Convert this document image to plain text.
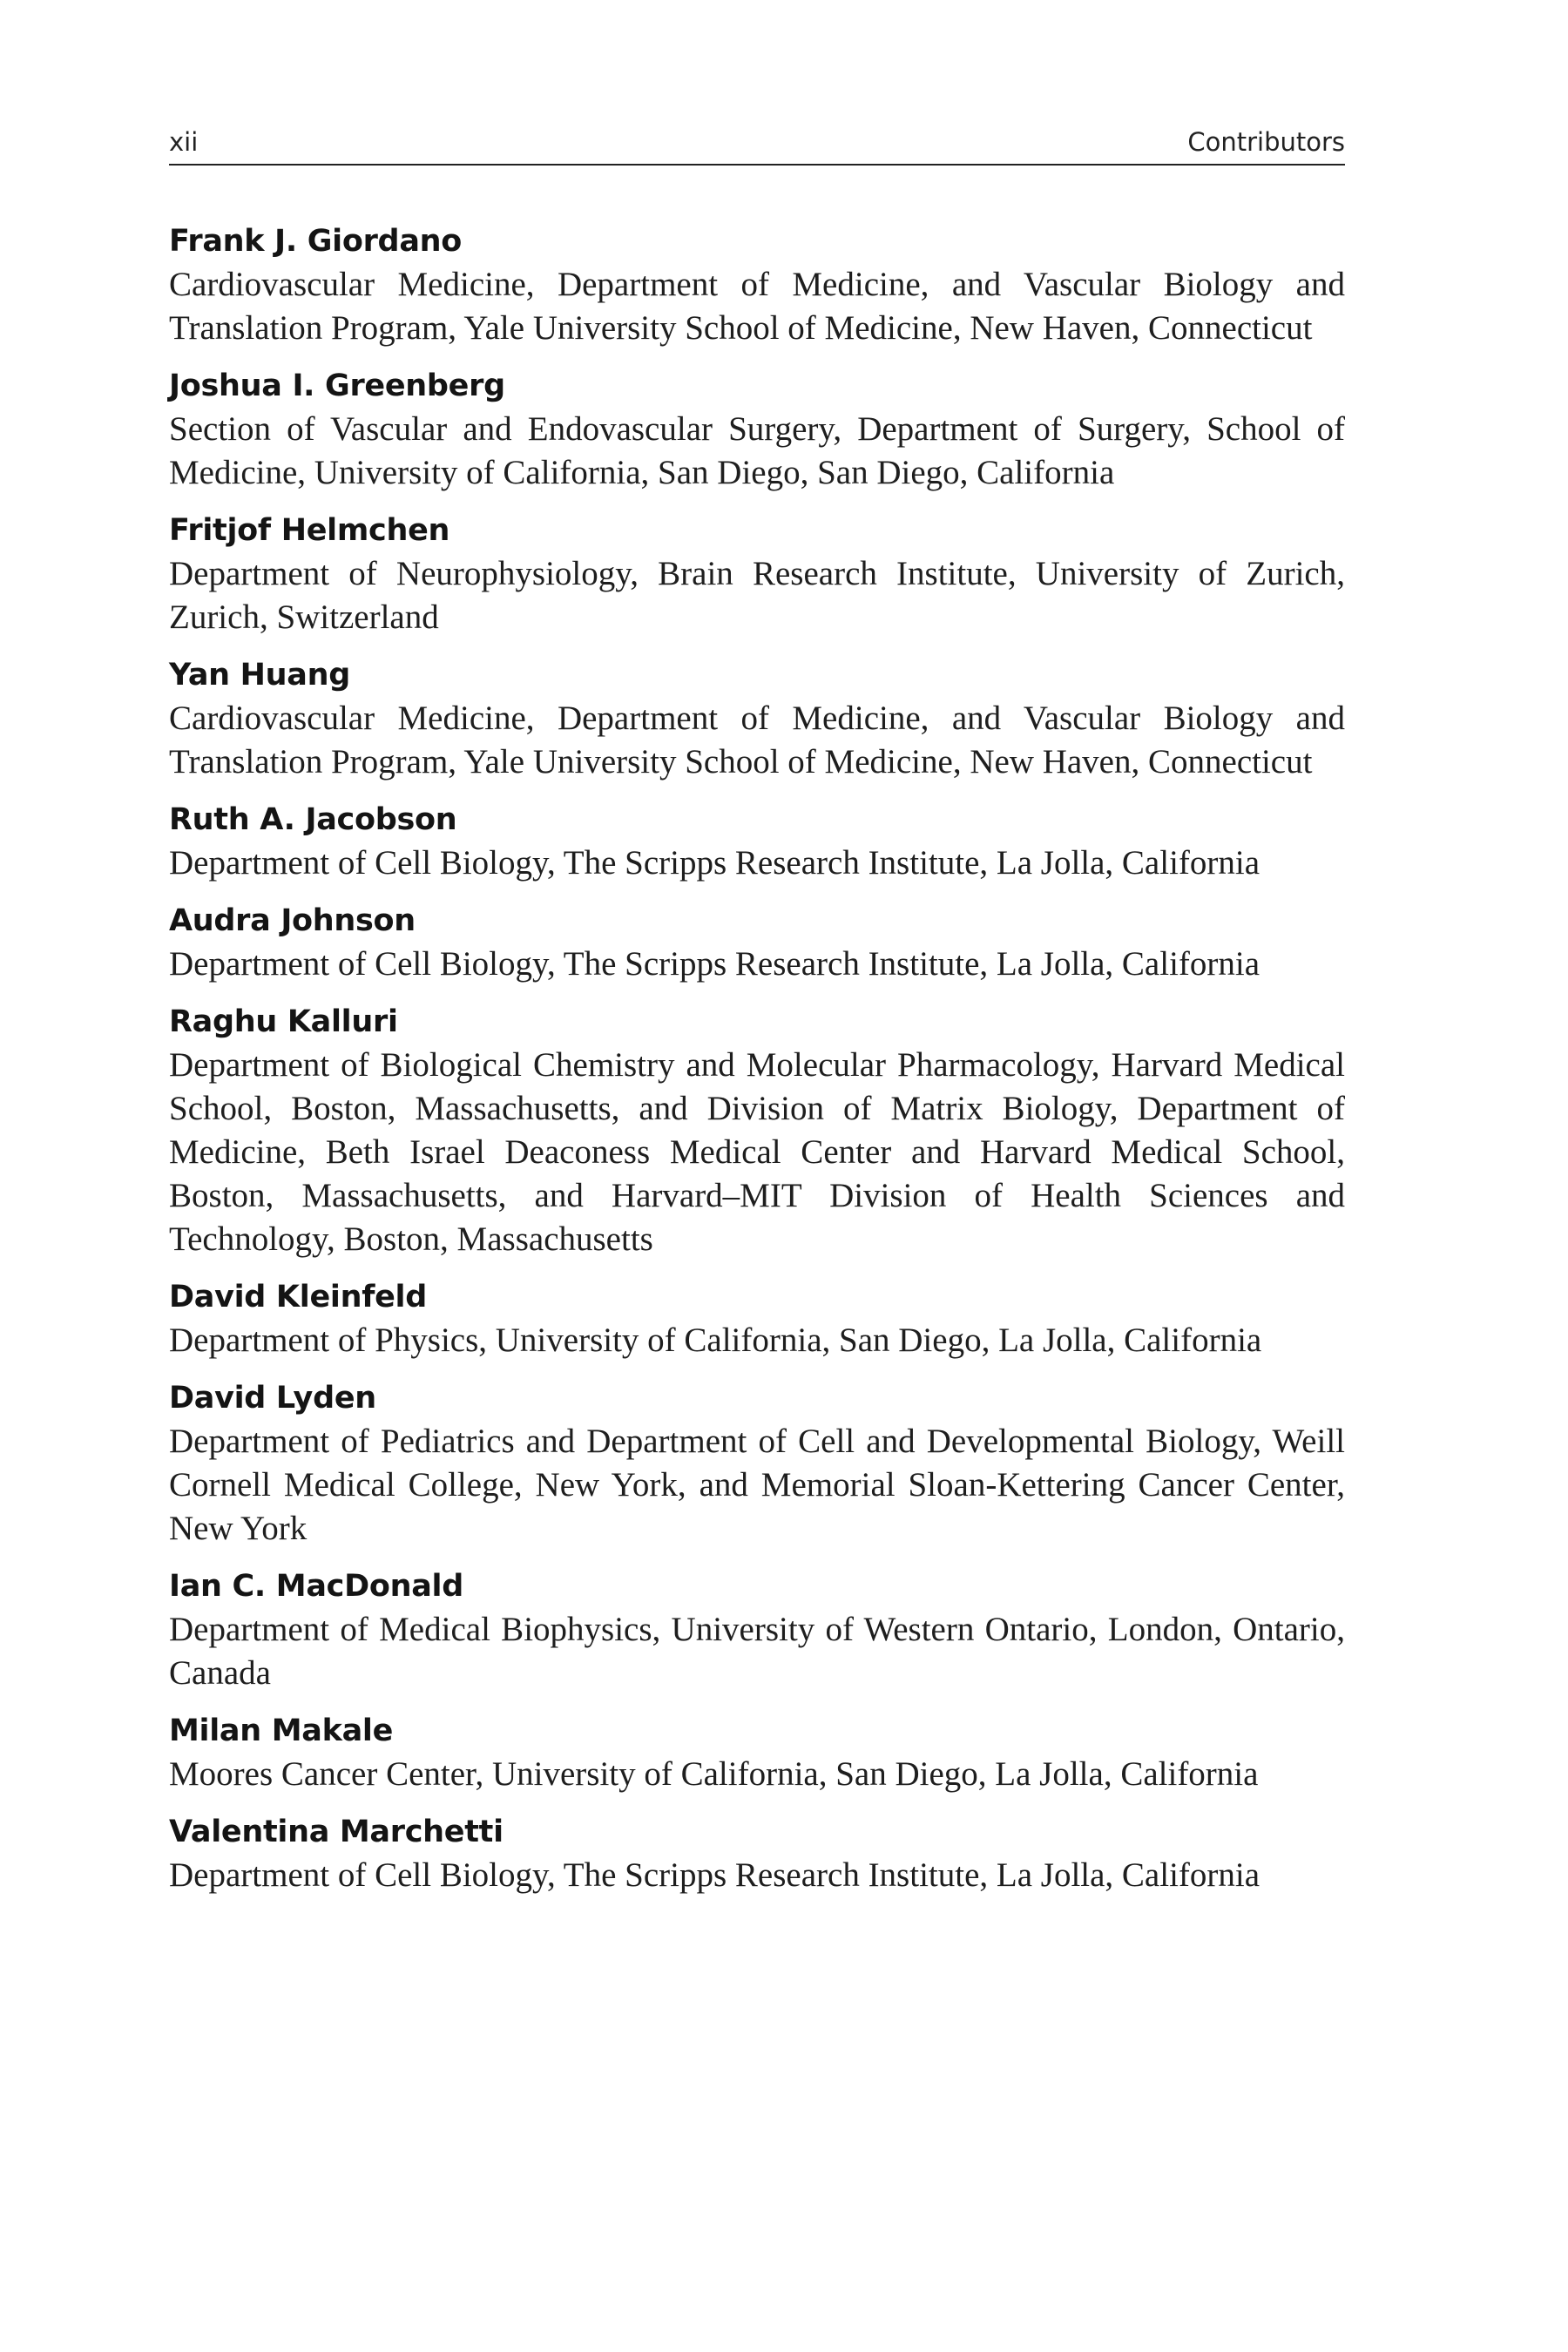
xii	Contributors
Frank J. Giordano
Cardiovascular Medicine, Department of Medicine, and Vascular Biology and Translation Program, Yale University School of Medicine, New Haven, Connecticut
Joshua I. Greenberg
Section of Vascular and Endovascular Surgery, Department of Surgery, School of Medicine, University of California, San Diego, San Diego, California
Fritjof Helmchen
Department of Neurophysiology, Brain Research Institute, University of Zurich, Zurich, Switzerland
Yan Huang
Cardiovascular Medicine, Department of Medicine, and Vascular Biology and Translation Program, Yale University School of Medicine, New Haven, Connecticut
Ruth A. Jacobson
Department of Cell Biology, The Scripps Research Institute, La Jolla, California
Audra Johnson
Department of Cell Biology, The Scripps Research Institute, La Jolla, California
Raghu Kalluri
Department of Biological Chemistry and Molecular Pharmacology, Harvard Medical School, Boston, Massachusetts, and Division of Matrix Biology, Department of Medicine, Beth Israel Deaconess Medical Center and Harvard Medical School, Boston, Massachusetts, and Harvard–MIT Division of Health Sciences and Technology, Boston, Massachusetts
David Kleinfeld
Department of Physics, University of California, San Diego, La Jolla, California
David Lyden
Department of Pediatrics and Department of Cell and Developmental Biology, Weill Cornell Medical College, New York, and Memorial Sloan-Kettering Cancer Center, New York
Ian C. MacDonald
Department of Medical Biophysics, University of Western Ontario, London, Ontario, Canada
Milan Makale
Moores Cancer Center, University of California, San Diego, La Jolla, California
Valentina Marchetti
Department of Cell Biology, The Scripps Research Institute, La Jolla, California
